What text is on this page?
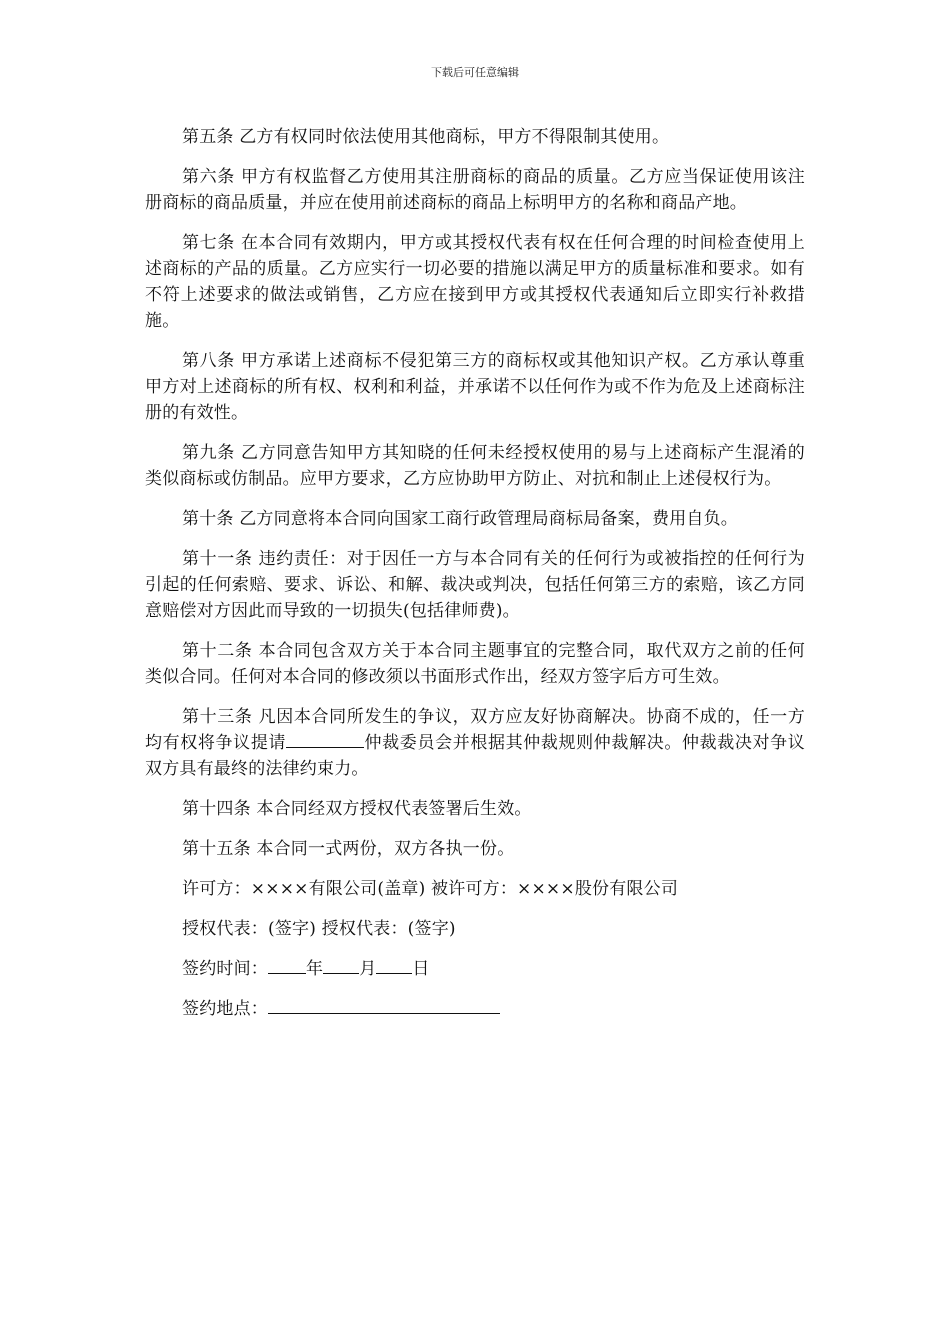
下载后可任意编辑

第五条 乙方有权同时依法使用其他商标，甲方不得限制其使用。

第六条 甲方有权监督乙方使用其注册商标的商品的质量。乙方应当保证使用该注册商标的商品质量，并应在使用前述商标的商品上标明甲方的名称和商品产地。

第七条 在本合同有效期内，甲方或其授权代表有权在任何合理的时间检查使用上述商标的产品的质量。乙方应实行一切必要的措施以满足甲方的质量标准和要求。如有不符上述要求的做法或销售，乙方应在接到甲方或其授权代表通知后立即实行补救措施。

第八条 甲方承诺上述商标不侵犯第三方的商标权或其他知识产权。乙方承认尊重甲方对上述商标的所有权、权利和利益，并承诺不以任何作为或不作为危及上述商标注册的有效性。

第九条 乙方同意告知甲方其知晓的任何未经授权使用的易与上述商标产生混淆的类似商标或仿制品。应甲方要求，乙方应协助甲方防止、对抗和制止上述侵权行为。

第十条 乙方同意将本合同向国家工商行政管理局商标局备案，费用自负。

第十一条 违约责任：对于因任一方与本合同有关的任何行为或被指控的任何行为引起的任何索赔、要求、诉讼、和解、裁决或判决，包括任何第三方的索赔，该乙方同意赔偿对方因此而导致的一切损失(包括律师费)。

第十二条 本合同包含双方关于本合同主题事宜的完整合同，取代双方之前的任何类似合同。任何对本合同的修改须以书面形式作出，经双方签字后方可生效。

第十三条 凡因本合同所发生的争议，双方应友好协商解决。协商不成的，任一方均有权将争议提请	仲裁委员会并根据其仲裁规则仲裁解决。仲裁裁决对争议双方具有最终的法律约束力。

第十四条 本合同经双方授权代表签署后生效。

第十五条 本合同一式两份，双方各执一份。

许可方：××××有限公司(盖章) 被许可方：××××股份有限公司

授权代表：(签字) 授权代表：(签字)

签约时间： 年 月 日

签约地点：
